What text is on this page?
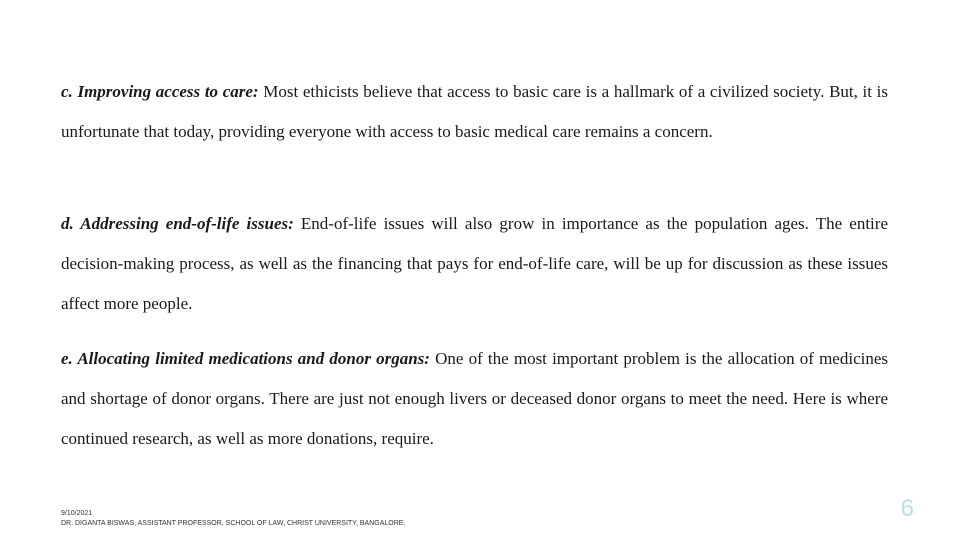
c. Improving access to care: Most ethicists believe that access to basic care is a hallmark of a civilized society. But, it is unfortunate that today, providing everyone with access to basic medical care remains a concern.

d. Addressing end-of-life issues: End-of-life issues will also grow in importance as the population ages. The entire decision-making process, as well as the financing that pays for end-of-life care, will be up for discussion as these issues affect more people.

e. Allocating limited medications and donor organs: One of the most important problem is the allocation of medicines and shortage of donor organs. There are just not enough livers or deceased donor organs to meet the need. Here is where continued research, as well as more donations, require.

9/10/2021
DR. DIGANTA BISWAS, ASSISTANT PROFESSOR, SCHOOL OF LAW, CHRIST UNIVERSITY, BANGALORE.
6
